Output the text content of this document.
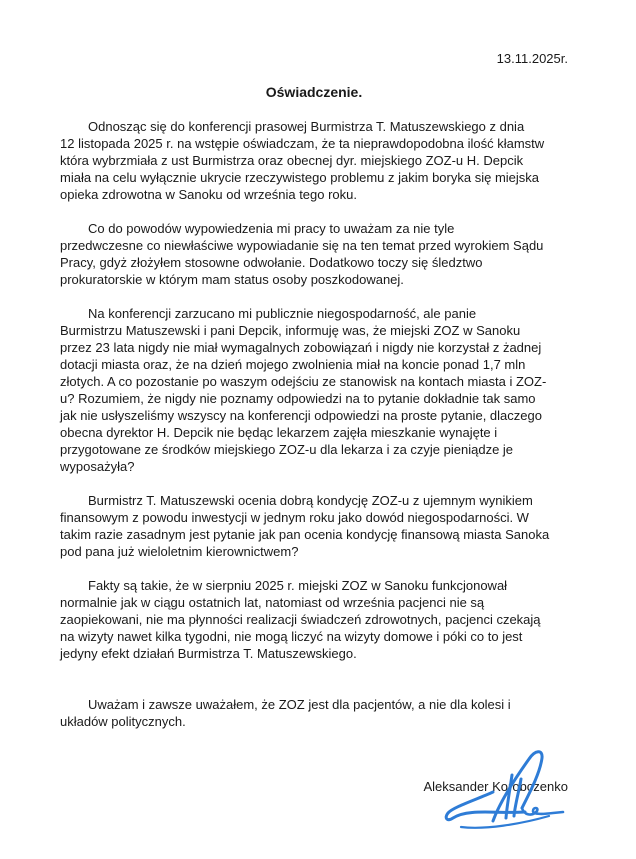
13.11.2025r.
Oświadczenie.
Odnosząc się do konferencji prasowej Burmistrza T. Matuszewskiego z dnia
12 listopada 2025 r. na wstępie oświadczam, że ta nieprawdopodobna ilość kłamstw
która wybrzmiała z ust Burmistrza oraz obecnej dyr. miejskiego ZOZ-u H. Depcik
miała na celu wyłącznie ukrycie rzeczywistego problemu z jakim boryka się miejska
opieka zdrowotna w Sanoku od września tego roku.
Co do powodów wypowiedzenia mi pracy to uważam za nie tyle
przedwczesne co niewłaściwe wypowiadanie się na ten temat przed wyrokiem Sądu
Pracy, gdyż złożyłem stosowne odwołanie. Dodatkowo toczy się śledztwo
prokuratorskie w którym mam status osoby poszkodowanej.
Na konferencji zarzucano mi publicznie niegospodarność, ale panie
Burmistrzu Matuszewski i pani Depcik, informuję was, że miejski ZOZ w Sanoku
przez 23 lata nigdy nie miał wymagalnych zobowiązań i nigdy nie korzystał z żadnej
dotacji miasta oraz, że na dzień mojego zwolnienia miał na koncie ponad 1,7 mln
złotych. A co pozostanie po waszym odejściu ze stanowisk na kontach miasta i ZOZ-
u? Rozumiem, że nigdy nie poznamy odpowiedzi na to pytanie dokładnie tak samo
jak nie usłyszeliśmy wszyscy na konferencji odpowiedzi na proste pytanie, dlaczego
obecna dyrektor H. Depcik nie będąc lekarzem zajęła mieszkanie wynajęte i
przygotowane ze środków miejskiego ZOZ-u dla lekarza i za czyje pieniądze je
wyposażyła?
Burmistrz T. Matuszewski ocenia dobrą kondycję ZOZ-u z ujemnym wynikiem
finansowym z powodu inwestycji w jednym roku jako dowód niegospodarności. W
takim razie zasadnym jest pytanie jak pan ocenia kondycję finansową miasta Sanoka
pod pana już wieloletnim kierownictwem?
Fakty są takie, że w sierpniu 2025 r. miejski ZOZ w Sanoku funkcjonował
normalnie jak w ciągu ostatnich lat, natomiast od września pacjenci nie są
zaopiekowani, nie ma płynności realizacji świadczeń zdrowotnych, pacjenci czekają
na wizyty nawet kilka tygodni, nie mogą liczyć na wizyty domowe i póki co to jest
jedyny efekt działań Burmistrza T. Matuszewskiego.
Uważam i zawsze uważałem, że ZOZ jest dla pacjentów, a nie dla kolesi i
układów politycznych.
Aleksander Korobczenko
